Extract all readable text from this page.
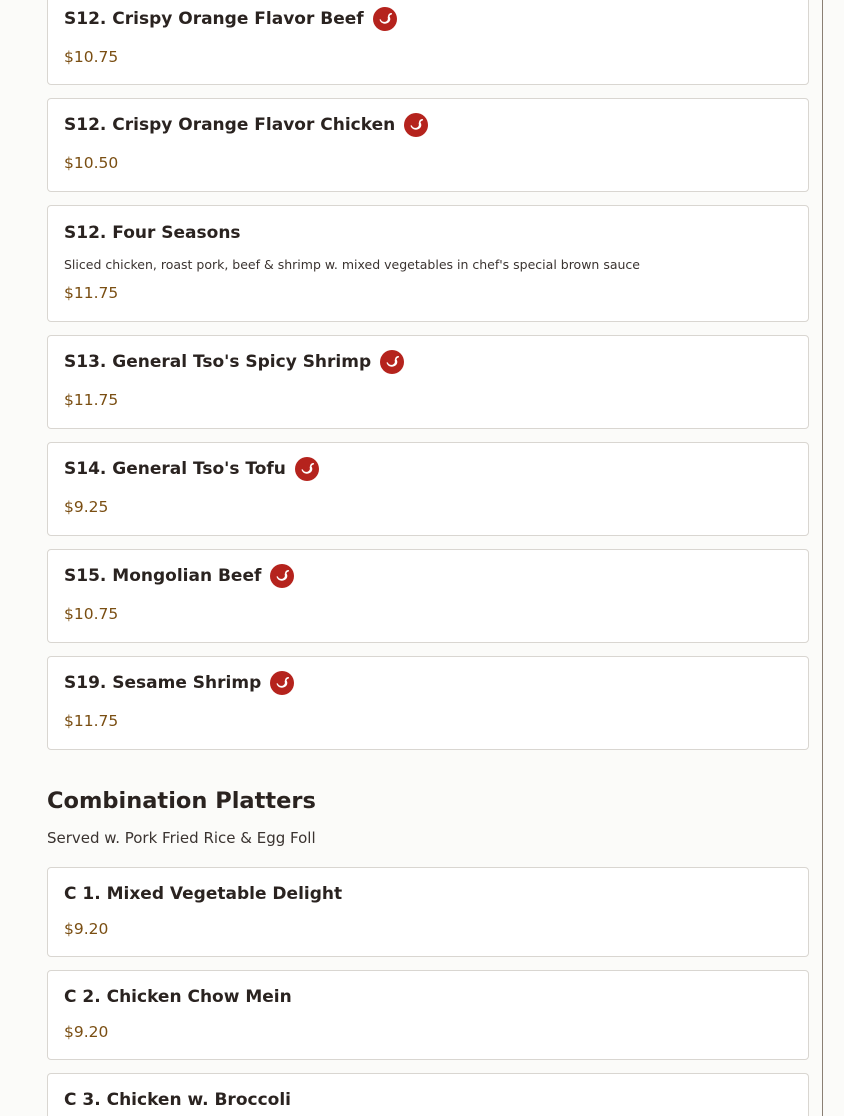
S12. Crispy Orange Flavor Beef
$10.75
S12. Crispy Orange Flavor Chicken
$10.50
S12. Four Seasons
Sliced chicken, roast pork, beef & shrimp w. mixed vegetables in chef's special brown sauce
$11.75
S13. General Tso's Spicy Shrimp
$11.75
S14. General Tso's Tofu
$9.25
S15. Mongolian Beef
$10.75
S19. Sesame Shrimp
$11.75
Combination Platters
Served w. Pork Fried Rice & Egg Foll
C 1. Mixed Vegetable Delight
$9.20
C 2. Chicken Chow Mein
$9.20
C 3. Chicken w. Broccoli
